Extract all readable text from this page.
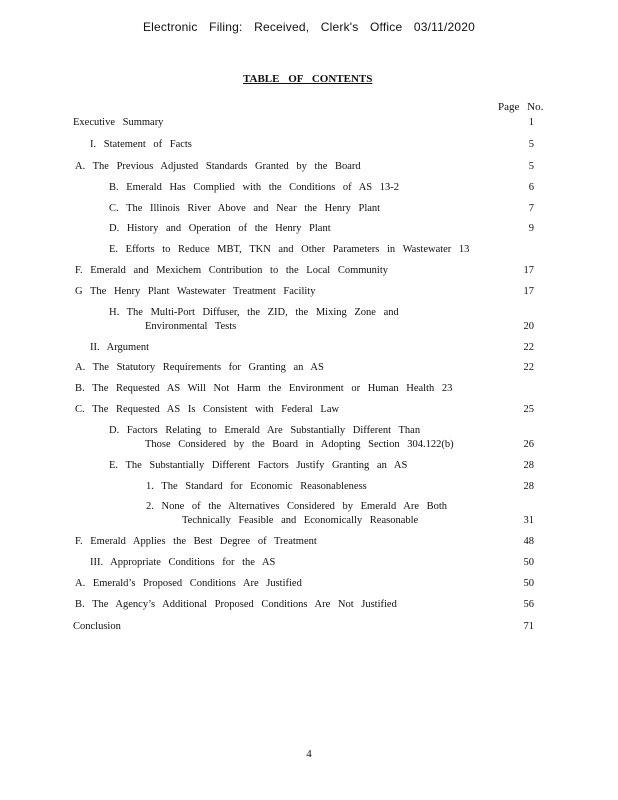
Electronic Filing: Received, Clerk's Office 03/11/2020
TABLE OF CONTENTS
Page No.
Executive Summary	1
I. Statement of Facts	5
A. The Previous Adjusted Standards Granted by the Board	5
B. Emerald Has Complied with the Conditions of AS 13-2	6
C. The Illinois River Above and Near the Henry Plant	7
D. History and Operation of the Henry Plant	9
E. Efforts to Reduce MBT, TKN and Other Parameters in Wastewater 13
F. Emerald and Mexichem Contribution to the Local Community	17
G The Henry Plant Wastewater Treatment Facility	17
H. The Multi-Port Diffuser, the ZID, the Mixing Zone and
Environmental Tests	20
II. Argument	22
A. The Statutory Requirements for Granting an AS	22
B. The Requested AS Will Not Harm the Environment or Human Health 23
C. The Requested AS Is Consistent with Federal Law	25
D. Factors Relating to Emerald Are Substantially Different Than
Those Considered by the Board in Adopting Section 304.122(b)	26
E. The Substantially Different Factors Justify Granting an AS	28
1. The Standard for Economic Reasonableness	28
2. None of the Alternatives Considered by Emerald Are Both
Technically Feasible and Economically Reasonable	31
F. Emerald Applies the Best Degree of Treatment	48
III. Appropriate Conditions for the AS	50
A. Emerald’s Proposed Conditions Are Justified	50
B. The Agency’s Additional Proposed Conditions Are Not Justified	56
Conclusion	71
4
